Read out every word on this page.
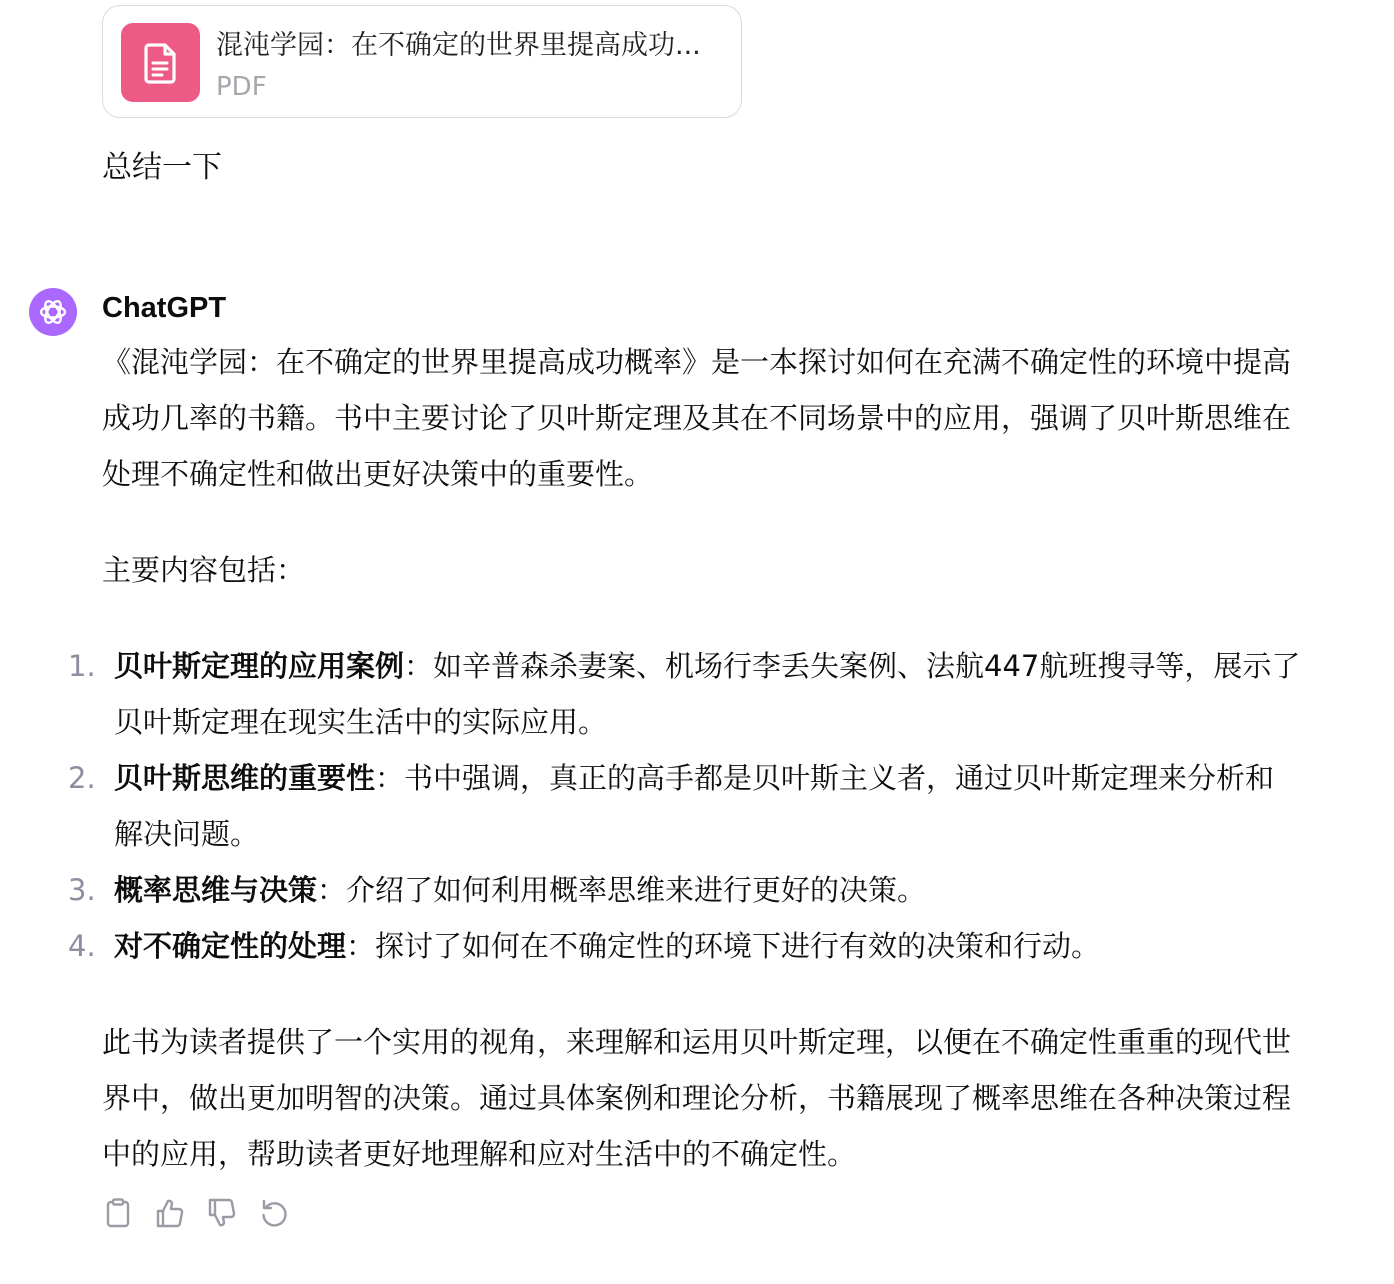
混沌学园：在不确定的世界里提高成功...
PDF
总结一下
ChatGPT

《混沌学园：在不确定的世界里提高成功概率》是一本探讨如何在充满不确定性的环境中提高成功几率的书籍。书中主要讨论了贝叶斯定理及其在不同场景中的应用，强调了贝叶斯思维在处理不确定性和做出更好决策中的重要性。

主要内容包括：

1. 贝叶斯定理的应用案例：如辛普森杀妻案、机场行李丢失案例、法航447航班搜寻等，展示了贝叶斯定理在现实生活中的实际应用。
2. 贝叶斯思维的重要性：书中强调，真正的高手都是贝叶斯主义者，通过贝叶斯定理来分析和解决问题。
3. 概率思维与决策：介绍了如何利用概率思维来进行更好的决策。
4. 对不确定性的处理：探讨了如何在不确定性的环境下进行有效的决策和行动。

此书为读者提供了一个实用的视角，来理解和运用贝叶斯定理，以便在不确定性重重的现代世界中，做出更加明智的决策。通过具体案例和理论分析，书籍展现了概率思维在各种决策过程中的应用，帮助读者更好地理解和应对生活中的不确定性。
